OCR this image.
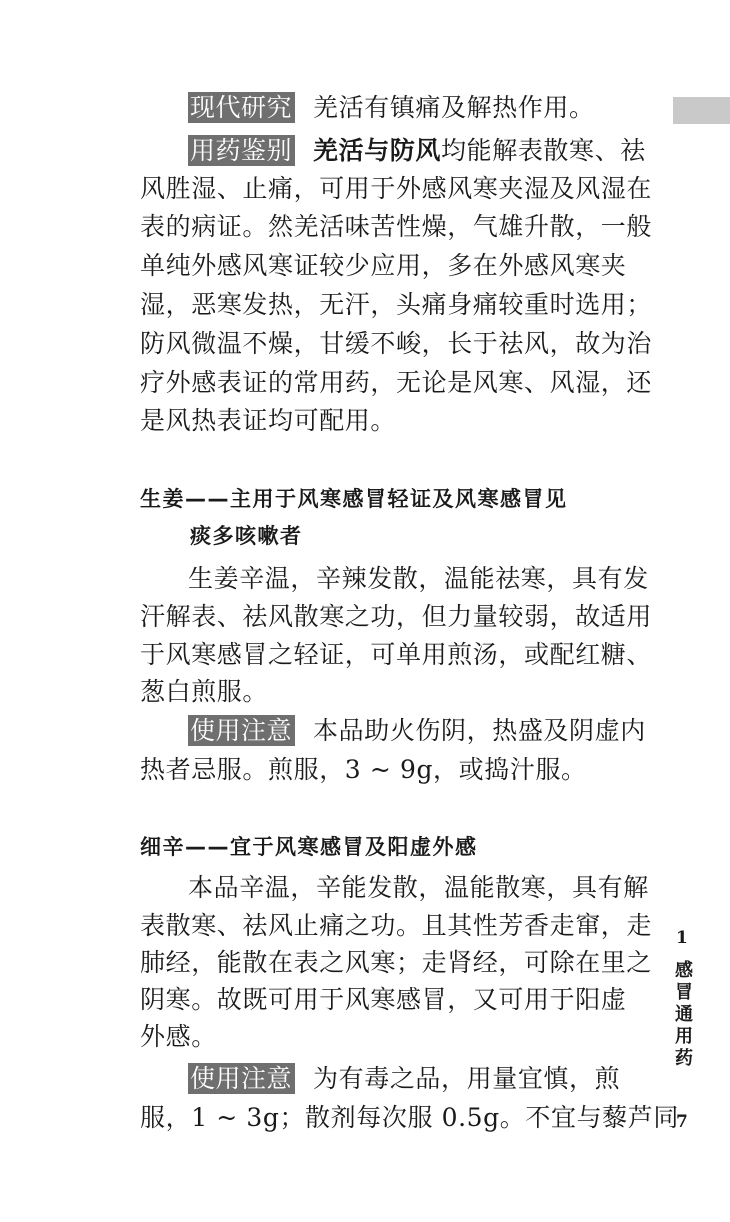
现代研究 羌活有镇痛及解热作用。
用药鉴别 羌活与防风均能解表散寒、祛
风胜湿、止痛，可用于外感风寒夹湿及风湿在
表的病证。然羌活味苦性燥，气雄升散，一般
单纯外感风寒证较少应用，多在外感风寒夹
湿，恶寒发热，无汗，头痛身痛较重时选用；
防风微温不燥，甘缓不峻，长于祛风，故为治
疗外感表证的常用药，无论是风寒、风湿，还
是风热表证均可配用。
生姜——主用于风寒感冒轻证及风寒感冒见
痰多咳嗽者
生姜辛温，辛辣发散，温能祛寒，具有发
汗解表、祛风散寒之功，但力量较弱，故适用
于风寒感冒之轻证，可单用煎汤，或配红糖、
葱白煎服。
使用注意 本品助火伤阴，热盛及阴虚内
热者忌服。煎服，3 ~ 9g，或捣汁服。
细辛——宜于风寒感冒及阳虚外感
本品辛温，辛能发散，温能散寒，具有解
表散寒、祛风止痛之功。且其性芳香走窜，走
肺经，能散在表之风寒；走肾经，可除在里之
阴寒。故既可用于风寒感冒，又可用于阳虚
外感。
使用注意 为有毒之品，用量宜慎，煎
服，1 ~ 3g；散剂每次服 0.5g。不宜与藜芦同
1
感冒通用药
7
